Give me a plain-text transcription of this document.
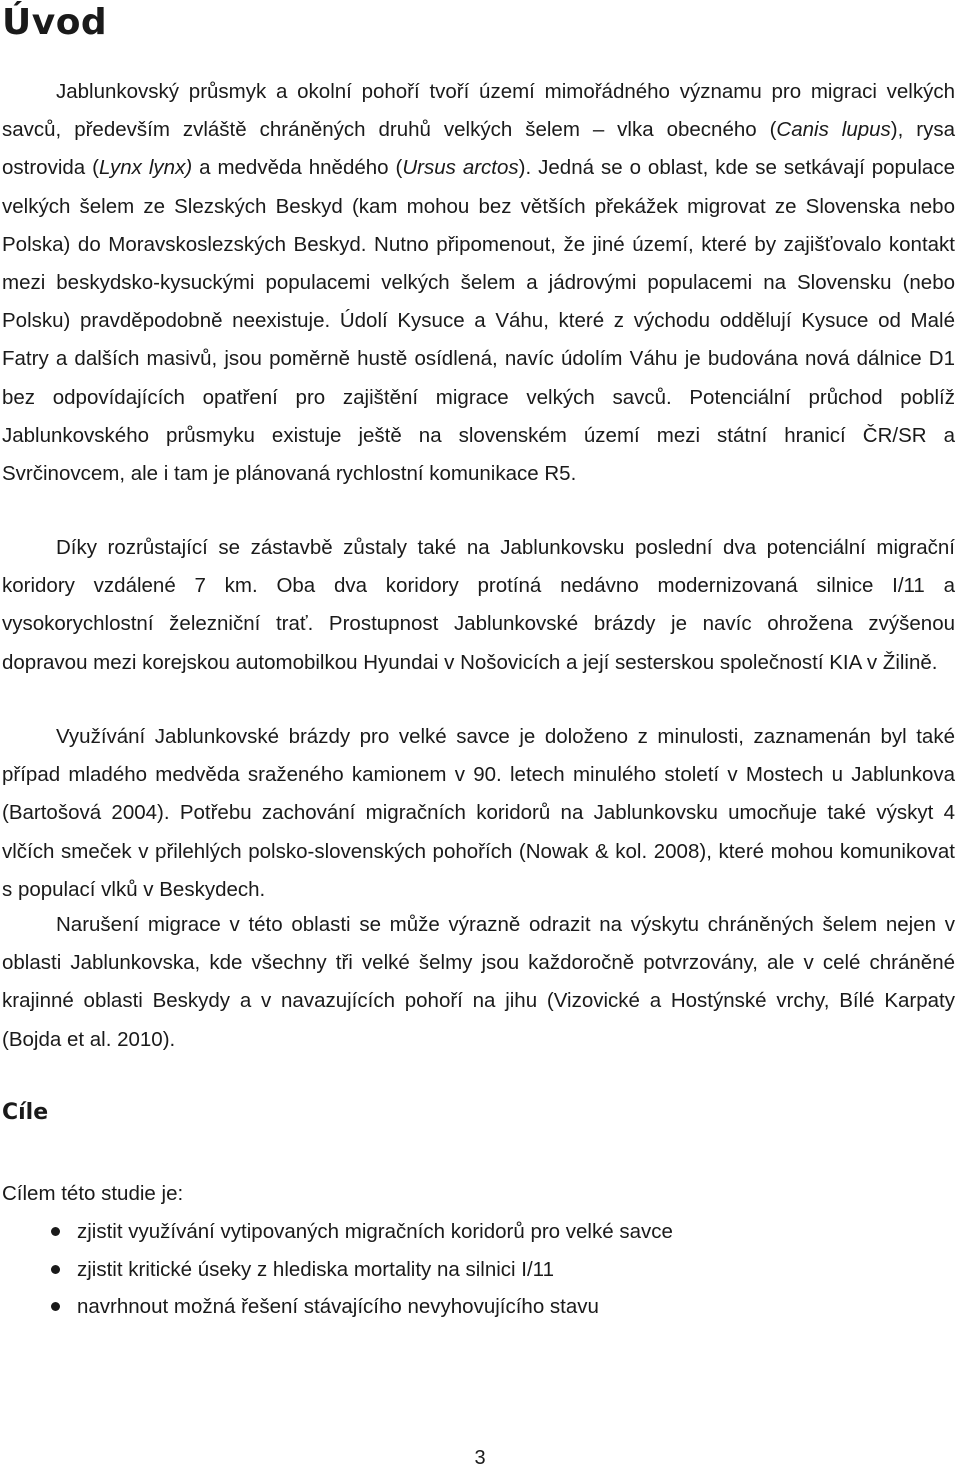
Úvod

Jablunkovský průsmyk a okolní pohoří tvoří území mimořádného významu pro migraci velkých savců, především zvláště chráněných druhů velkých šelem – vlka obecného (Canis lupus), rysa ostrovida (Lynx lynx) a medvěda hnědého (Ursus arctos). Jedná se o oblast, kde se setkávají populace velkých šelem ze Slezských Beskyd (kam mohou bez větších překážek migrovat ze Slovenska nebo Polska) do Moravskoslezských Beskyd. Nutno připomenout, že jiné území, které by zajišťovalo kontakt mezi beskydsko-kysuckými populacemi velkých šelem a jádrovými populacemi na Slovensku (nebo Polsku) pravděpodobně neexistuje. Údolí Kysuce a Váhu, které z východu oddělují Kysuce od Malé Fatry a dalších masivů, jsou poměrně hustě osídlená, navíc údolím Váhu je budována nová dálnice D1 bez odpovídajících opatření pro zajištění migrace velkých savců. Potenciální průchod poblíž Jablunkovského průsmyku existuje ještě na slovenském území mezi státní hranicí ČR/SR a Svrčinovcem, ale i tam je plánovaná rychlostní komunikace R5.

Díky rozrůstající se zástavbě zůstaly také na Jablunkovsku poslední dva potenciální migrační koridory vzdálené 7 km. Oba dva koridory protíná nedávno modernizovaná silnice I/11 a vysokorychlostní železniční trať. Prostupnost Jablunkovské brázdy je navíc ohrožena zvýšenou dopravou mezi korejskou automobilkou Hyundai v Nošovicích a její sesterskou společností KIA v Žilině.

Využívání Jablunkovské brázdy pro velké savce je doloženo z minulosti, zaznamenán byl také případ mladého medvěda sraženého kamionem v 90. letech minulého století v Mostech u Jablunkova (Bartošová 2004). Potřebu zachování migračních koridorů na Jablunkovsku umocňuje také výskyt 4 vlčích smeček v přilehlých polsko-slovenských pohořích (Nowak & kol. 2008), které mohou komunikovat s populací vlků v Beskydech.

Narušení migrace v této oblasti se může výrazně odrazit na výskytu chráněných šelem nejen v oblasti Jablunkovska, kde všechny tři velké šelmy jsou každoročně potvrzovány, ale v celé chráněné krajinné oblasti Beskydy a v navazujících pohoří na jihu (Vizovické a Hostýnské vrchy, Bílé Karpaty (Bojda et al. 2010).

Cíle

Cílem této studie je:

zjistit využívání vytipovaných migračních koridorů pro velké savce
zjistit kritické úseky z hlediska mortality na silnici I/11
navrhnout možná řešení stávajícího nevyhovujícího stavu

3
